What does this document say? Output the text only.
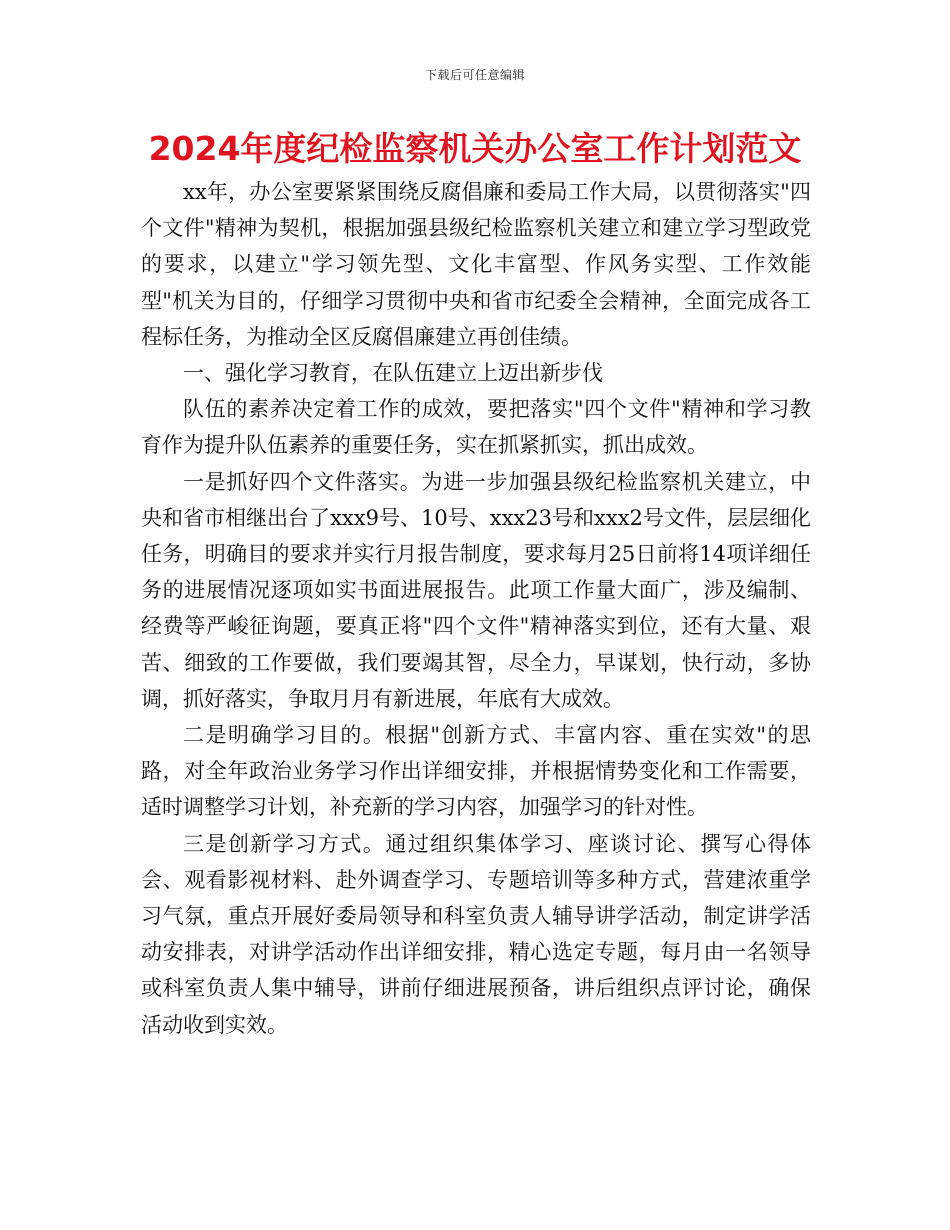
下载后可任意编辑
2024年度纪检监察机关办公室工作计划范文

xx年，办公室要紧紧围绕反腐倡廉和委局工作大局，以贯彻落实"四个文件"精神为契机，根据加强县级纪检监察机关建立和建立学习型政党的要求，以建立"学习领先型、文化丰富型、作风务实型、工作效能型"机关为目的，仔细学习贯彻中央和省市纪委全会精神，全面完成各工程标任务，为推动全区反腐倡廉建立再创佳绩。

一、强化学习教育，在队伍建立上迈出新步伐

队伍的素养决定着工作的成效，要把落实"四个文件"精神和学习教育作为提升队伍素养的重要任务，实在抓紧抓实，抓出成效。

一是抓好四个文件落实。为进一步加强县级纪检监察机关建立，中央和省市相继出台了xxx9号、10号、xxx23号和xxx2号文件，层层细化任务，明确目的要求并实行月报告制度，要求每月25日前将14项详细任务的进展情况逐项如实书面进展报告。此项工作量大面广，涉及编制、经费等严峻征询题，要真正将"四个文件"精神落实到位，还有大量、艰苦、细致的工作要做，我们要竭其智，尽全力，早谋划，快行动，多协调，抓好落实，争取月月有新进展，年底有大成效。

二是明确学习目的。根据"创新方式、丰富内容、重在实效"的思路，对全年政治业务学习作出详细安排，并根据情势变化和工作需要，适时调整学习计划，补充新的学习内容，加强学习的针对性。

三是创新学习方式。通过组织集体学习、座谈讨论、撰写心得体会、观看影视材料、赴外调查学习、专题培训等多种方式，营建浓重学习气氛，重点开展好委局领导和科室负责人辅导讲学活动，制定讲学活动安排表，对讲学活动作出详细安排，精心选定专题，每月由一名领导或科室负责人集中辅导，讲前仔细进展预备，讲后组织点评讨论，确保活动收到实效。
